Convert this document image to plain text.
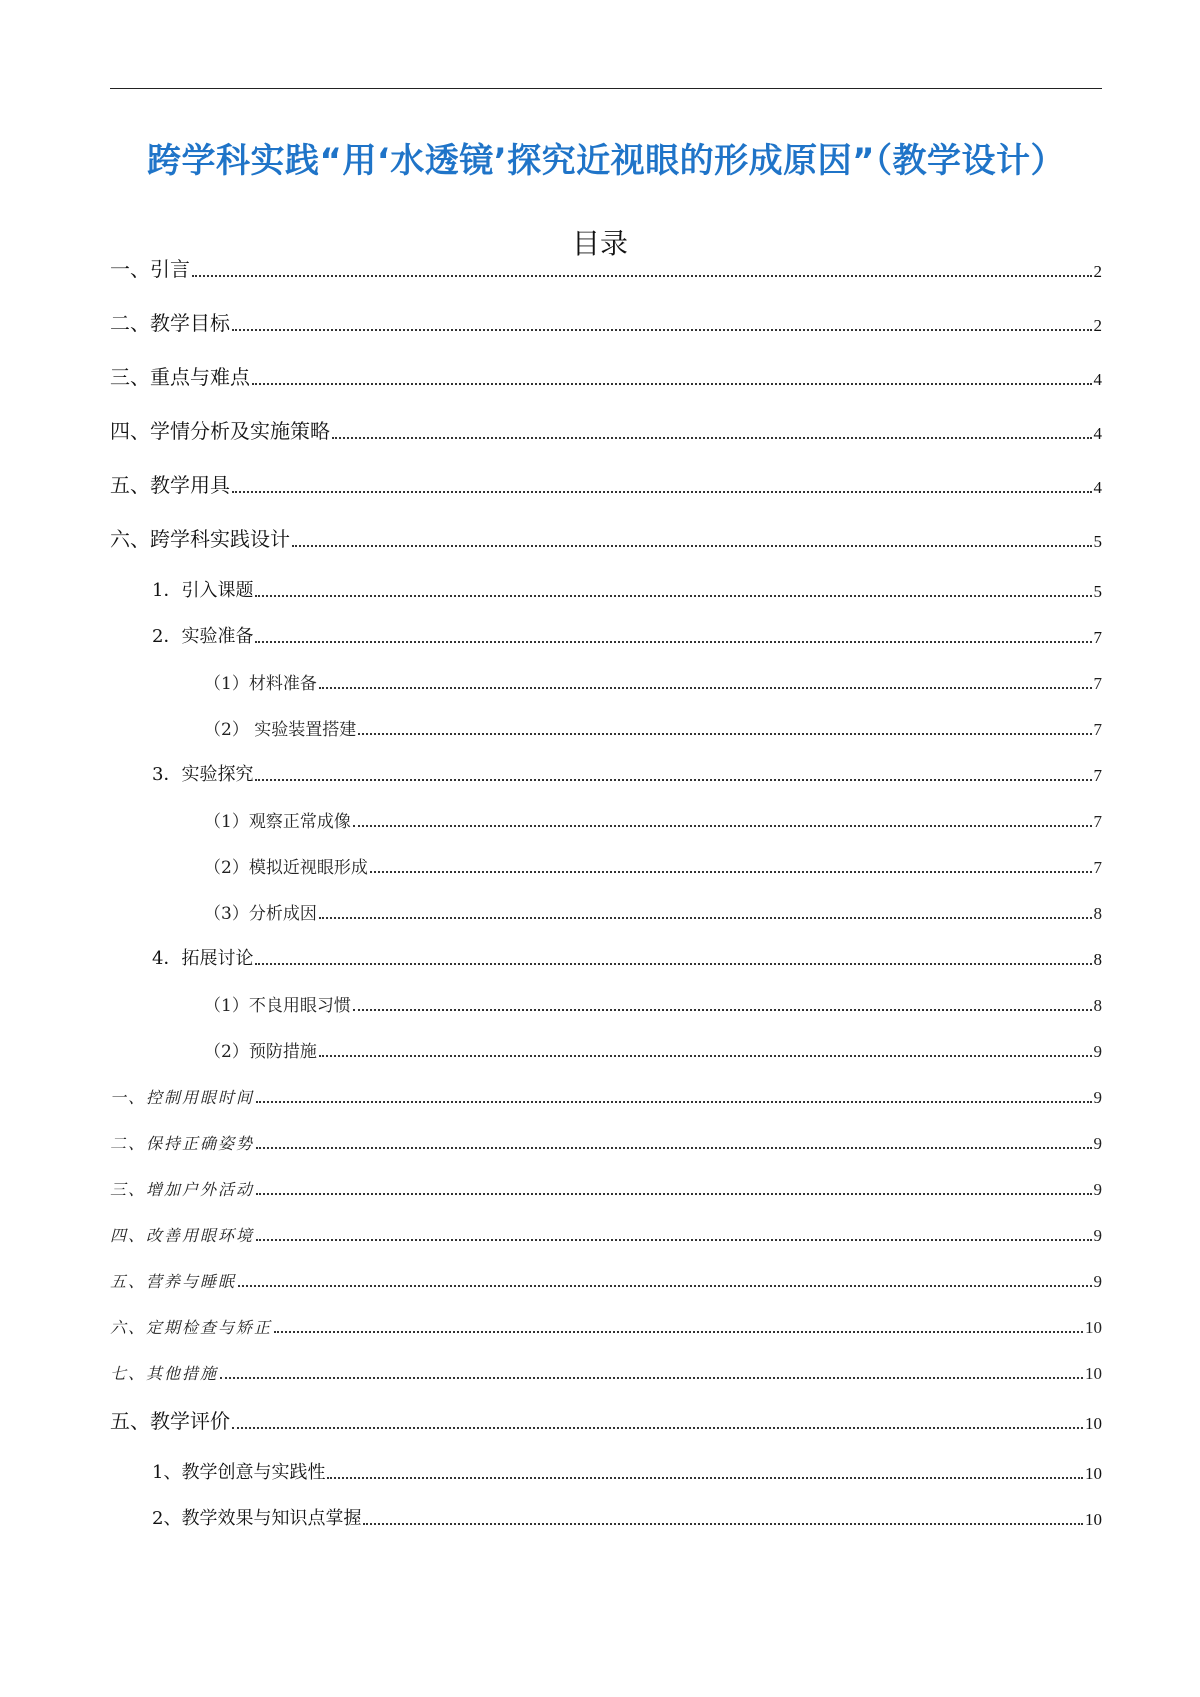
跨学科实践“用‘水透镜’探究近视眼的形成原因”（教学设计）
目录
一、引言	2
二、教学目标	2
三、重点与难点	4
四、学情分析及实施策略	4
五、教学用具	4
六、跨学科实践设计	5
1．引入课题	5
2．实验准备	7
（1）材料准备	7
（2） 实验装置搭建	7
3．实验探究	7
（1）观察正常成像	7
（2）模拟近视眼形成	7
（3）分析成因	8
4．拓展讨论	8
（1）不良用眼习惯	8
（2）预防措施	9
一、控制用眼时间	9
二、保持正确姿势	9
三、增加户外活动	9
四、改善用眼环境	9
五、营养与睡眠	9
六、定期检查与矫正	10
七、其他措施	10
五、教学评价	10
1、教学创意与实践性	10
2、教学效果与知识点掌握	10
